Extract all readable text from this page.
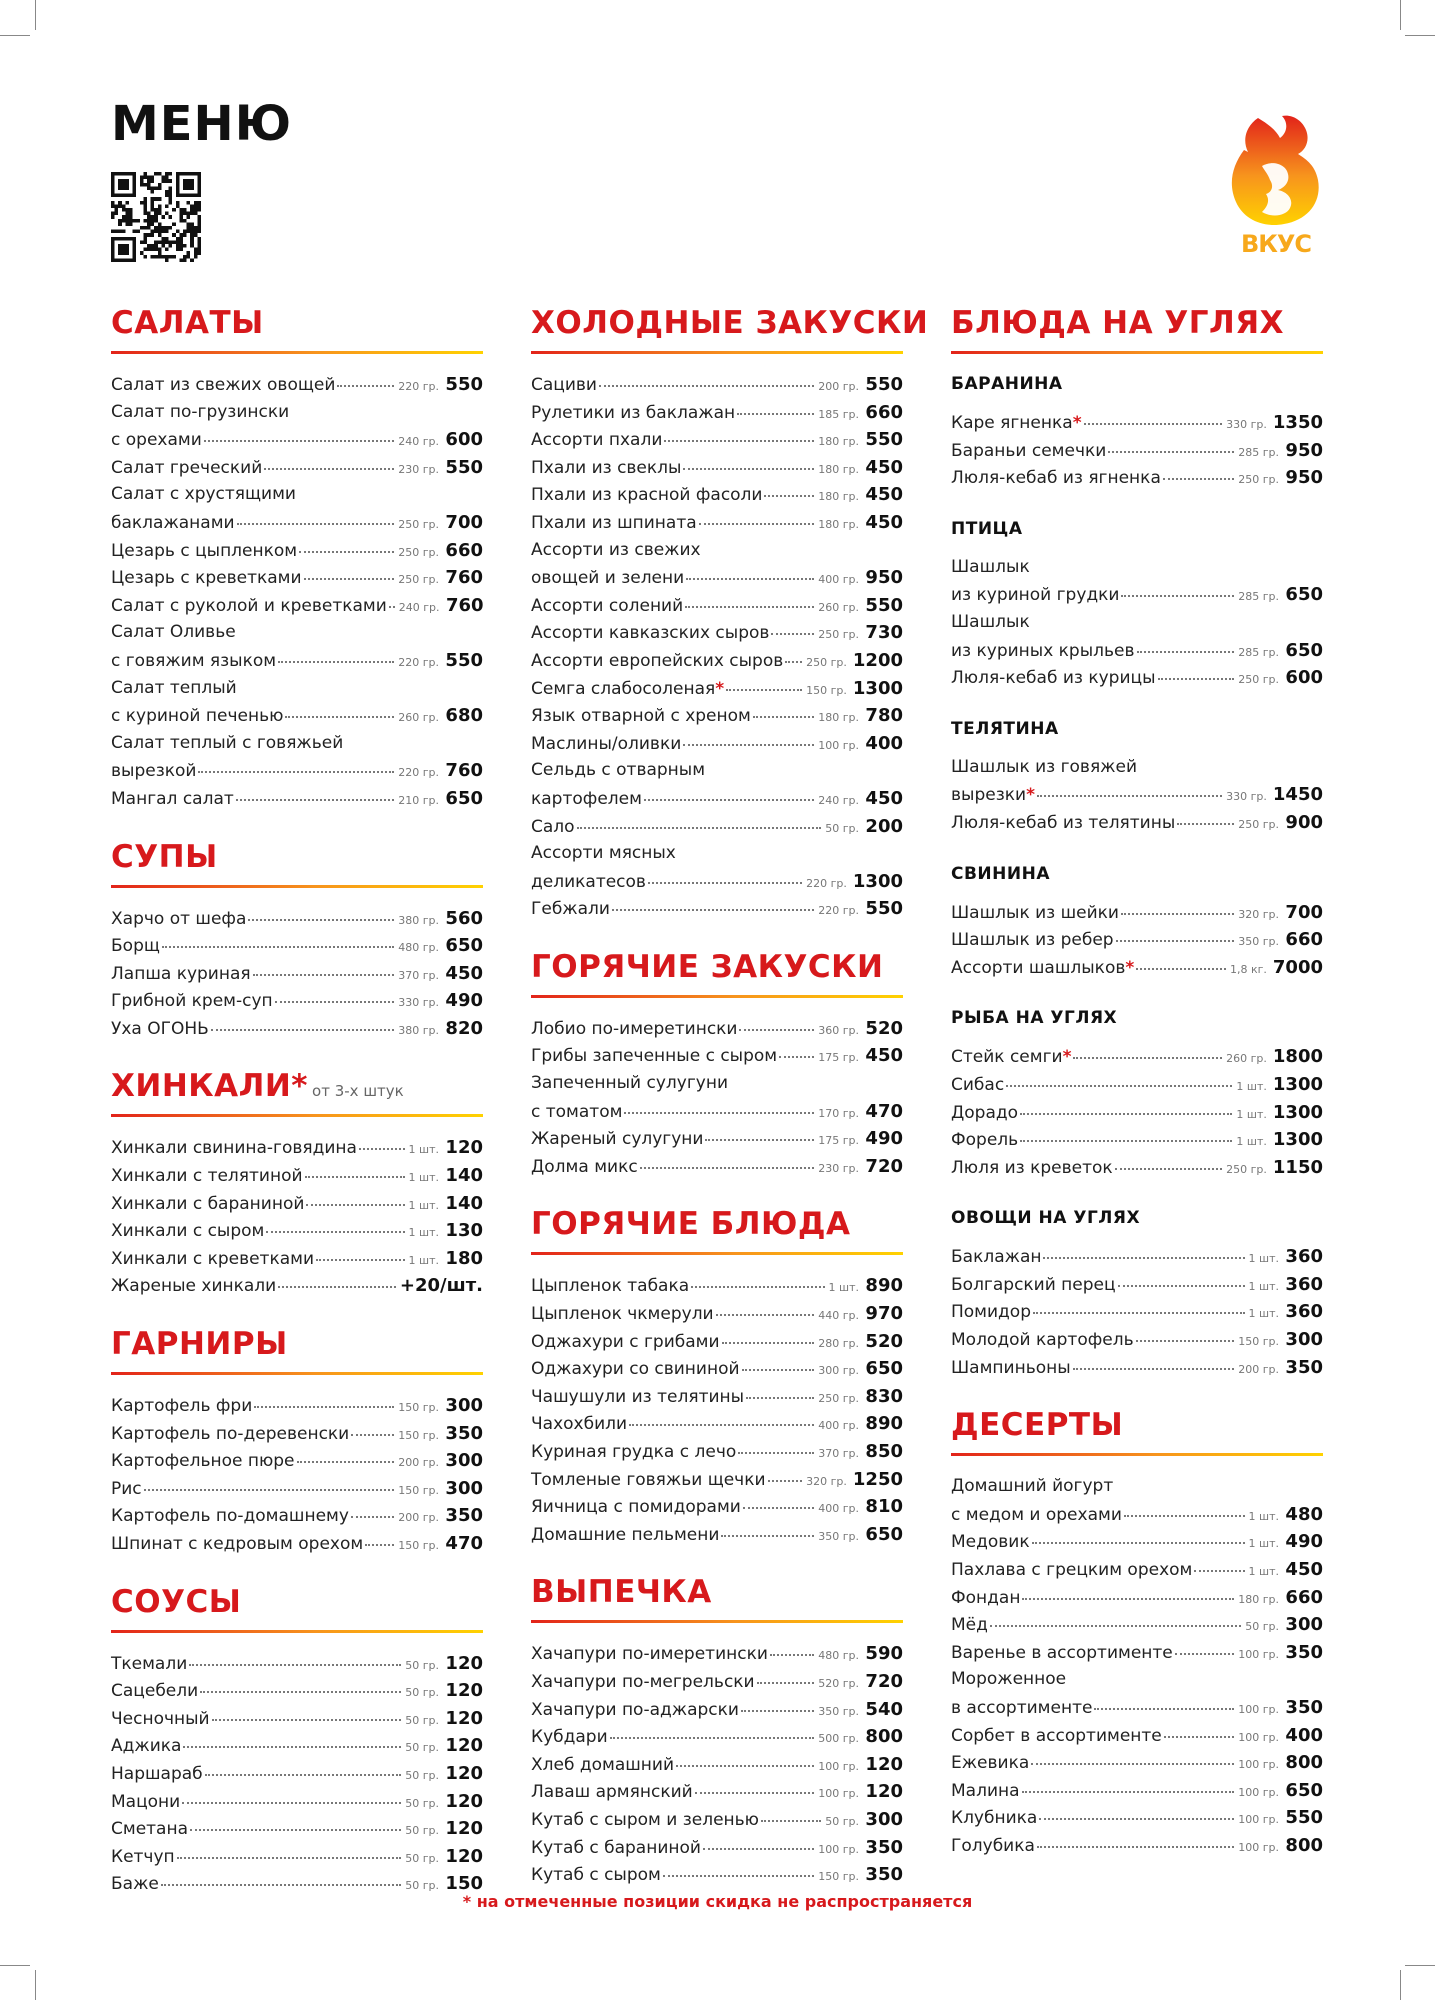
МЕНЮ
ВКУС
САЛАТЫ
Салат из свежих овощей	220 гр. 550
Салат по-грузински
с орехами	240 гр. 600
Салат греческий	230 гр. 550
Салат с хрустящими
баклажанами	250 гр. 700
Цезарь с цыпленком	250 гр. 660
Цезарь с креветками	250 гр. 760
Салат с руколой и креветками 240 гр. 760
Салат Оливье
с говяжим языком	220 гр. 550
Салат теплый
с куриной печенью	260 гр. 680
Салат теплый с говяжьей
вырезкой	220 гр. 760
Мангал салат	210 гр. 650
СУПЫ
Харчо от шефа	380 гр. 560
Борщ	480 гр. 650
Лапша куриная	370 гр. 450
Грибной крем-суп	330 гр. 490
Уха ОГОНЬ	380 гр. 820
ХИНКАЛИ* от 3-х штук
Хинкали свинина-говядина	1 шт. 120
Хинкали с телятиной	1 шт. 140
Хинкали с бараниной	1 шт. 140
Хинкали с сыром	1 шт. 130
Хинкали с креветками	1 шт. 180
Жареные хинкали	+20/шт.
ГАРНИРЫ
Картофель фри	150 гр. 300
Картофель по-деревенски	150 гр. 350
Картофельное пюре	200 гр. 300
Рис	150 гр. 300
Картофель по-домашнему	200 гр. 350
Шпинат с кедровым орехом	150 гр. 470
СОУСЫ
Ткемали	50 гр. 120
Сацебели	50 гр. 120
Чесночный	50 гр. 120
Аджика	50 гр. 120
Наршараб	50 гр. 120
Мацони	50 гр. 120
Сметана	50 гр. 120
Кетчуп	50 гр. 120
Баже	50 гр. 150
ХОЛОДНЫЕ ЗАКУСКИ
Сациви	200 гр. 550
Рулетики из баклажан	185 гр. 660
Ассорти пхали	180 гр. 550
Пхали из свеклы	180 гр. 450
Пхали из красной фасоли	180 гр. 450
Пхали из шпината	180 гр. 450
Ассорти из свежих
овощей и зелени	400 гр. 950
Ассорти солений	260 гр. 550
Ассорти кавказских сыров	250 гр. 730
Ассорти европейских сыров 250 гр. 1200
Семга слабосоленая*	150 гр. 1300
Язык отварной с хреном	180 гр. 780
Маслины/оливки	100 гр. 400
Сельдь с отварным
картофелем	240 гр. 450
Сало	50 гр. 200
Ассорти мясных
деликатесов	220 гр. 1300
Гебжали	220 гр. 550
ГОРЯЧИЕ ЗАКУСКИ
Лобио по-имеретински	360 гр. 520
Грибы запеченные с сыром	175 гр. 450
Запеченный сулугуни
с томатом	170 гр. 470
Жареный сулугуни	175 гр. 490
Долма микс	230 гр. 720
ГОРЯЧИЕ БЛЮДА
Цыпленок табака	1 шт. 890
Цыпленок чкмерули	440 гр. 970
Оджахури с грибами	280 гр. 520
Оджахури со свининой	300 гр. 650
Чашушули из телятины	250 гр. 830
Чахохбили	400 гр. 890
Куриная грудка с лечо	370 гр. 850
Томленые говяжьи щечки	320 гр. 1250
Яичница с помидорами	400 гр. 810
Домашние пельмени	350 гр. 650
ВЫПЕЧКА
Хачапури по-имеретински	480 гр. 590
Хачапури по-мегрельски	520 гр. 720
Хачапури по-аджарски	350 гр. 540
Кубдари	500 гр. 800
Хлеб домашний	100 гр. 120
Лаваш армянский	100 гр. 120
Кутаб с сыром и зеленью	50 гр. 300
Кутаб с бараниной	100 гр. 350
Кутаб с сыром	150 гр. 350
БЛЮДА НА УГЛЯХ
БАРАНИНА
Каре ягненка*	330 гр. 1350
Бараньи семечки	285 гр. 950
Люля-кебаб из ягненка	250 гр. 950
ПТИЦА
Шашлык
из куриной грудки	285 гр. 650
Шашлык
из куриных крыльев	285 гр. 650
Люля-кебаб из курицы	250 гр. 600
ТЕЛЯТИНА
Шашлык из говяжей
вырезки*	330 гр. 1450
Люля-кебаб из телятины	250 гр. 900
СВИНИНА
Шашлык из шейки	320 гр. 700
Шашлык из ребер	350 гр. 660
Ассорти шашлыков*	1,8 кг. 7000
РЫБА НА УГЛЯХ
Стейк семги*	260 гр. 1800
Сибас	1 шт. 1300
Дорадо	1 шт. 1300
Форель	1 шт. 1300
Люля из креветок	250 гр. 1150
ОВОЩИ НА УГЛЯХ
Баклажан	1 шт. 360
Болгарский перец	1 шт. 360
Помидор	1 шт. 360
Молодой картофель	150 гр. 300
Шампиньоны	200 гр. 350
ДЕСЕРТЫ
Домашний йогурт
с медом и орехами	1 шт. 480
Медовик	1 шт. 490
Пахлава с грецким орехом	1 шт. 450
Фондан	180 гр. 660
Мёд	50 гр. 300
Варенье в ассортименте	100 гр. 350
Мороженное
в ассортименте	100 гр. 350
Сорбет в ассортименте	100 гр. 400
Ежевика	100 гр. 800
Малина	100 гр. 650
Клубника	100 гр. 550
Голубика	100 гр. 800
* на отмеченные позиции скидка не распространяется
